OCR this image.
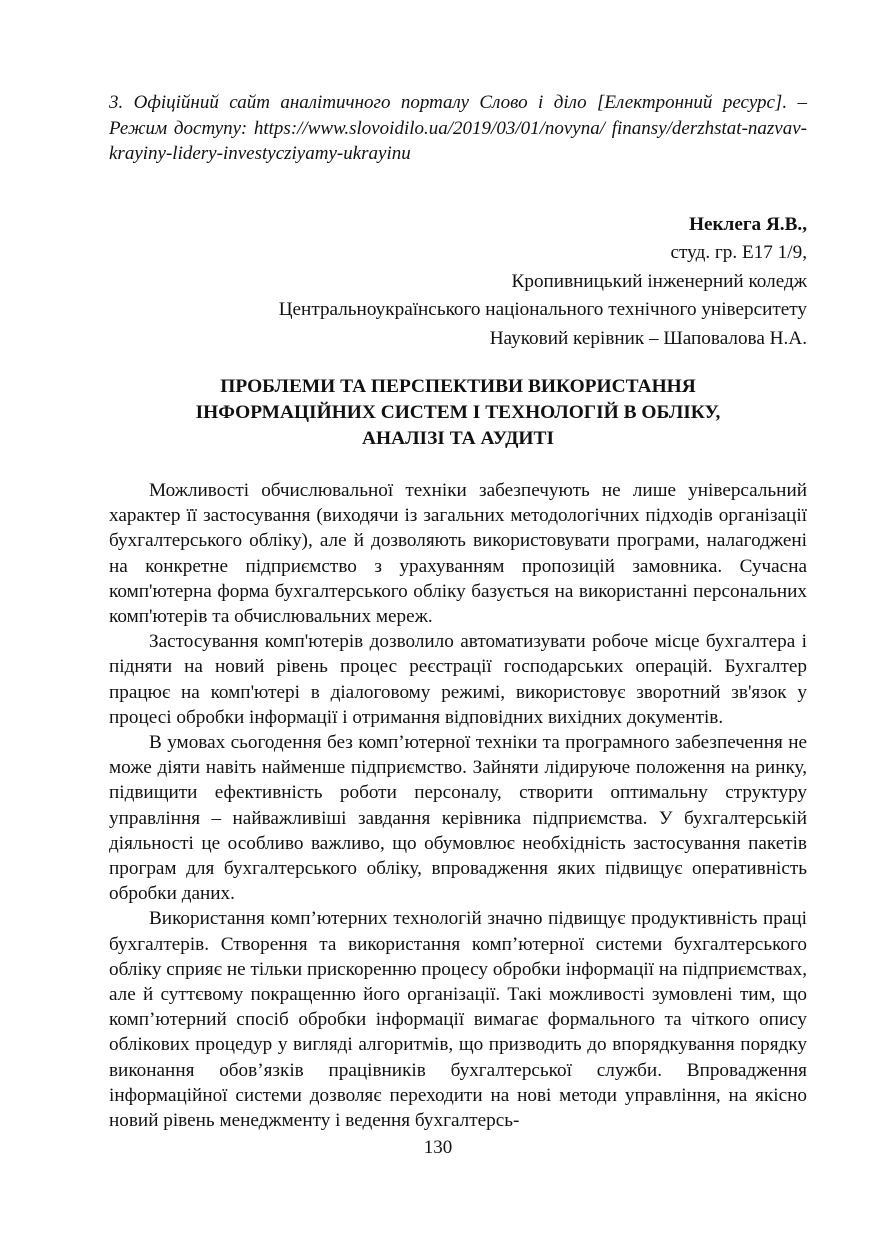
3. Офіційний сайт аналітичного порталу Слово і діло [Електронний ресурс]. – Режим доступу: https://www.slovoidilo.ua/2019/03/01/novyna/ finansy/derzhstat-nazvav-krayiny-lidery-investycziyamy-ukrayinu

Неклега Я.В.,
студ. гр. Е17 1/9,
Кропивницький інженерний коледж
Центральноукраїнського національного технічного університету
Науковий керівник – Шаповалова Н.А.
ПРОБЛЕМИ ТА ПЕРСПЕКТИВИ ВИКОРИСТАННЯ
ІНФОРМАЦІЙНИХ СИСТЕМ І ТЕХНОЛОГІЙ В ОБЛІКУ,
АНАЛІЗІ ТА АУДИТІ

Можливості обчислювальної техніки забезпечують не лише універсальний характер її застосування (виходячи із загальних методологічних підходів організації бухгалтерського обліку), але й дозволяють використовувати програми, налагоджені на конкретне підприємство з урахуванням пропозицій замовника. Сучасна комп'ютерна форма бухгалтерського обліку базується на використанні персональних комп'ютерів та обчислювальних мереж.

Застосування комп'ютерів дозволило автоматизувати робоче місце бухгалтера і підняти на новий рівень процес реєстрації господарських операцій. Бухгалтер працює на комп'ютері в діалоговому режимі, використовує зворотний зв'язок у процесі обробки інформації і отримання відповідних вихідних документів.

В умовах сьогодення без комп’ютерної техніки та програмного забезпечення не може діяти навіть найменше підприємство. Зайняти лідируюче положення на ринку, підвищити ефективність роботи персоналу, створити оптимальну структуру управління – найважливіші завдання керівника підприємства. У бухгалтерській діяльності це особливо важливо, що обумовлює необхідність застосування пакетів програм для бухгалтерського обліку, впровадження яких підвищує оперативність обробки даних.

Використання комп’ютерних технологій значно підвищує продуктивність праці бухгалтерів. Створення та використання комп’ютерної системи бухгалтерського обліку сприяє не тільки прискоренню процесу обробки інформації на підприємствах, але й суттєвому покращенню його організації. Такі можливості зумовлені тим, що комп’ютерний спосіб обробки інформації вимагає формального та чіткого опису облікових процедур у вигляді алгоритмів, що призводить до впорядкування порядку виконання обов’язків працівників бухгалтерської служби. Впровадження інформаційної системи дозволяє переходити на нові методи управління, на якісно новий рівень менеджменту і ведення бухгалтерсь-

130
